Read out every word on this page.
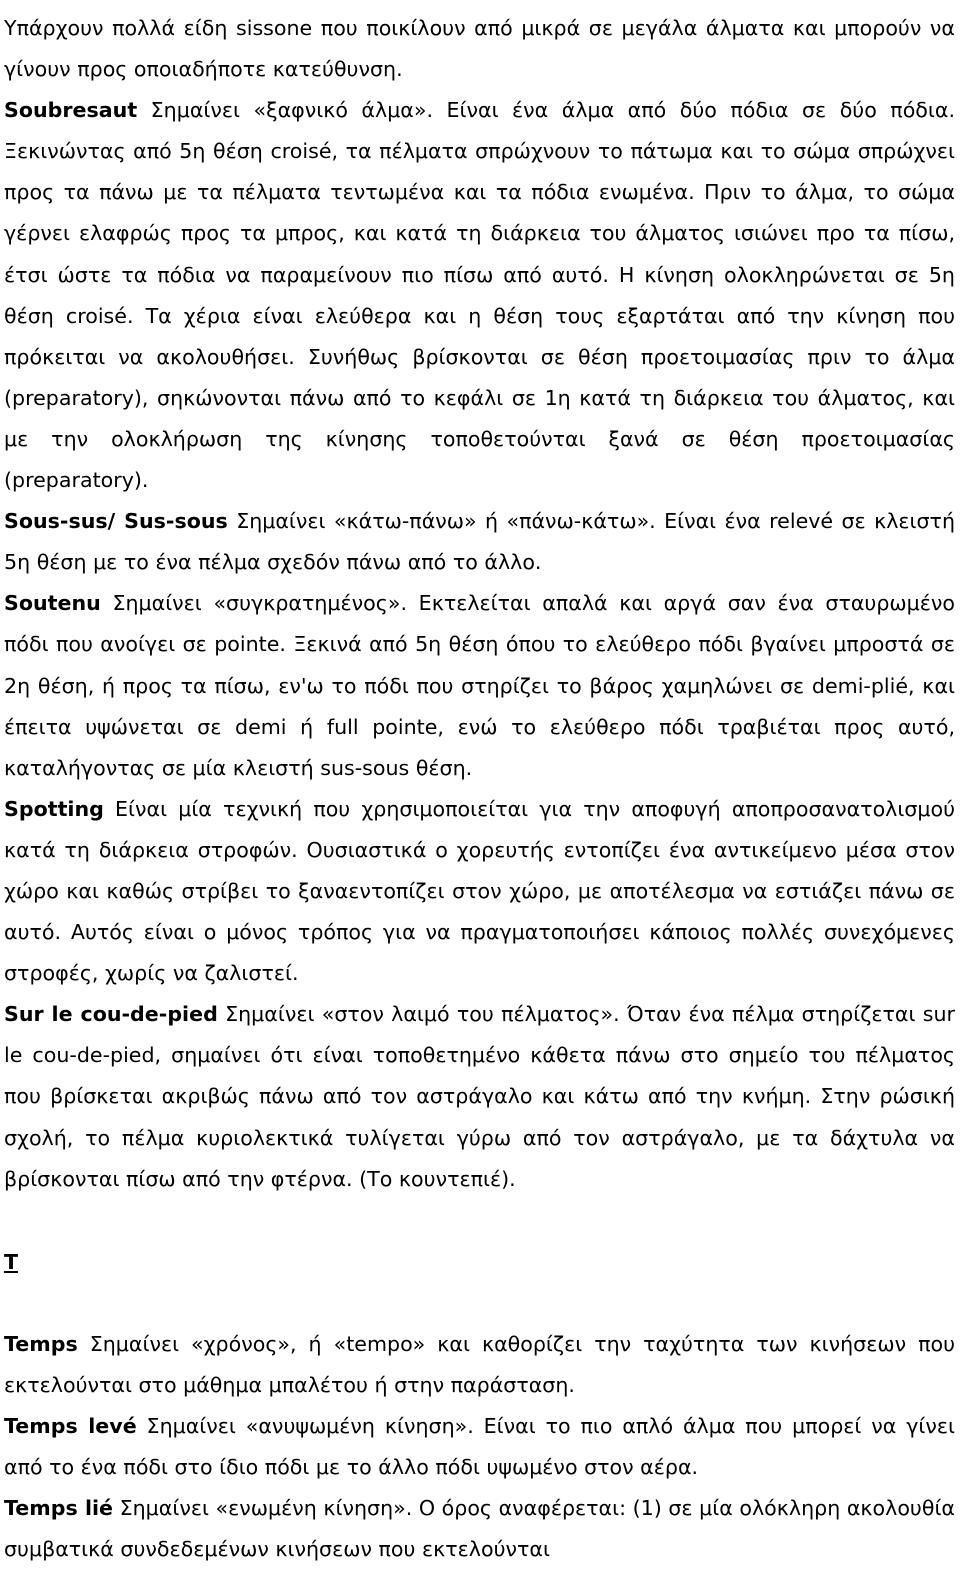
Υπάρχουν πολλά είδη sissone που ποικίλουν από μικρά σε μεγάλα άλματα και μπορούν να γίνουν προς οποιαδήποτε κατεύθυνση.

Soubresaut Σημαίνει «ξαφνικό άλμα». Είναι ένα άλμα από δύο πόδια σε δύο πόδια. Ξεκινώντας από 5η θέση croisé, τα πέλματα σπρώχνουν το πάτωμα και το σώμα σπρώχνει προς τα πάνω με τα πέλματα τεντωμένα και τα πόδια ενωμένα. Πριν το άλμα, το σώμα γέρνει ελαφρώς προς τα μπρος, και κατά τη διάρκεια του άλματος ισιώνει προ τα πίσω, έτσι ώστε τα πόδια να παραμείνουν πιο πίσω από αυτό. Η κίνηση ολοκληρώνεται σε 5η θέση croisé. Τα χέρια είναι ελεύθερα και η θέση τους εξαρτάται από την κίνηση που πρόκειται να ακολουθήσει. Συνήθως βρίσκονται σε θέση προετοιμασίας πριν το άλμα (preparatory), σηκώνονται πάνω από το κεφάλι σε 1η κατά τη διάρκεια του άλματος, και με την ολοκλήρωση της κίνησης τοποθετούνται ξανά σε θέση προετοιμασίας (preparatory).

Sous-sus/ Sus-sous Σημαίνει «κάτω-πάνω» ή «πάνω-κάτω». Είναι ένα relevé σε κλειστή 5η θέση με το ένα πέλμα σχεδόν πάνω από το άλλο.

Soutenu Σημαίνει «συγκρατημένος». Εκτελείται απαλά και αργά σαν ένα σταυρωμένο πόδι που ανοίγει σε pointe. Ξεκινά από 5η θέση όπου το ελεύθερο πόδι βγαίνει μπροστά σε 2η θέση, ή προς τα πίσω, εν'ω το πόδι που στηρίζει το βάρος χαμηλώνει σε demi-plié, και έπειτα υψώνεται σε demi ή full pointe, ενώ το ελεύθερο πόδι τραβιέται προς αυτό, καταλήγοντας σε μία κλειστή sus-sous θέση.

Spotting Είναι μία τεχνική που χρησιμοποιείται για την αποφυγή αποπροσανατολισμού κατά τη διάρκεια στροφών. Ουσιαστικά ο χορευτής εντοπίζει ένα αντικείμενο μέσα στον χώρο και καθώς στρίβει το ξαναεντοπίζει στον χώρο, με αποτέλεσμα να εστιάζει πάνω σε αυτό. Αυτός είναι ο μόνος τρόπος για να πραγματοποιήσει κάποιος πολλές συνεχόμενες στροφές, χωρίς να ζαλιστεί.

Sur le cou-de-pied Σημαίνει «στον λαιμό του πέλματος». Όταν ένα πέλμα στηρίζεται sur le cou-de-pied, σημαίνει ότι είναι τοποθετημένο κάθετα πάνω στο σημείο του πέλματος που βρίσκεται ακριβώς πάνω από τον αστράγαλο και κάτω από την κνήμη. Στην ρώσική σχολή, το πέλμα κυριολεκτικά τυλίγεται γύρω από τον αστράγαλο, με τα δάχτυλα να βρίσκονται πίσω από την φτέρνα. (Το κουντεπιέ).

T

Temps Σημαίνει «χρόνος», ή «tempo» και καθορίζει την ταχύτητα των κινήσεων που εκτελούνται στο μάθημα μπαλέτου ή στην παράσταση.

Temps levé Σημαίνει «ανυψωμένη κίνηση». Είναι το πιο απλό άλμα που μπορεί να γίνει από το ένα πόδι στο ίδιο πόδι με το άλλο πόδι υψωμένο στον αέρα.

Temps lié Σημαίνει «ενωμένη κίνηση». Ο όρος αναφέρεται: (1) σε μία ολόκληρη ακολουθία συμβατικά συνδεδεμένων κινήσεων που εκτελούνται
